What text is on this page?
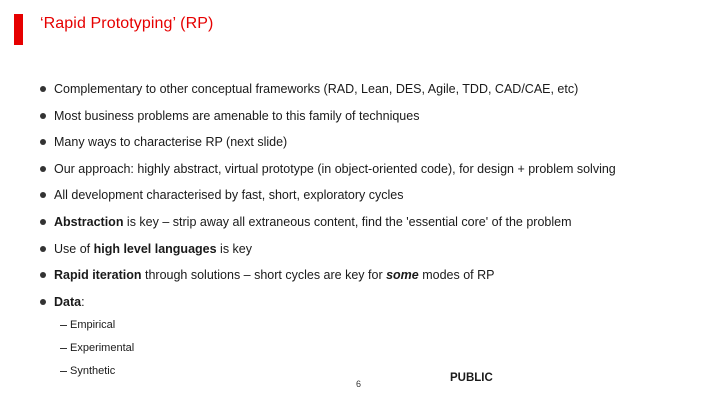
‘Rapid Prototyping’ (RP)
Complementary to other conceptual frameworks (RAD, Lean, DES, Agile, TDD, CAD/CAE, etc)
Most business problems are amenable to this family of techniques
Many ways to characterise RP (next slide)
Our approach: highly abstract, virtual prototype (in object-oriented code), for design + problem solving
All development characterised by fast, short, exploratory cycles
Abstraction is key – strip away all extraneous content, find the 'essential core' of the problem
Use of high level languages is key
Rapid iteration through solutions – short cycles are key for some modes of RP
Data:
Empirical
Experimental
Synthetic
6	PUBLIC
